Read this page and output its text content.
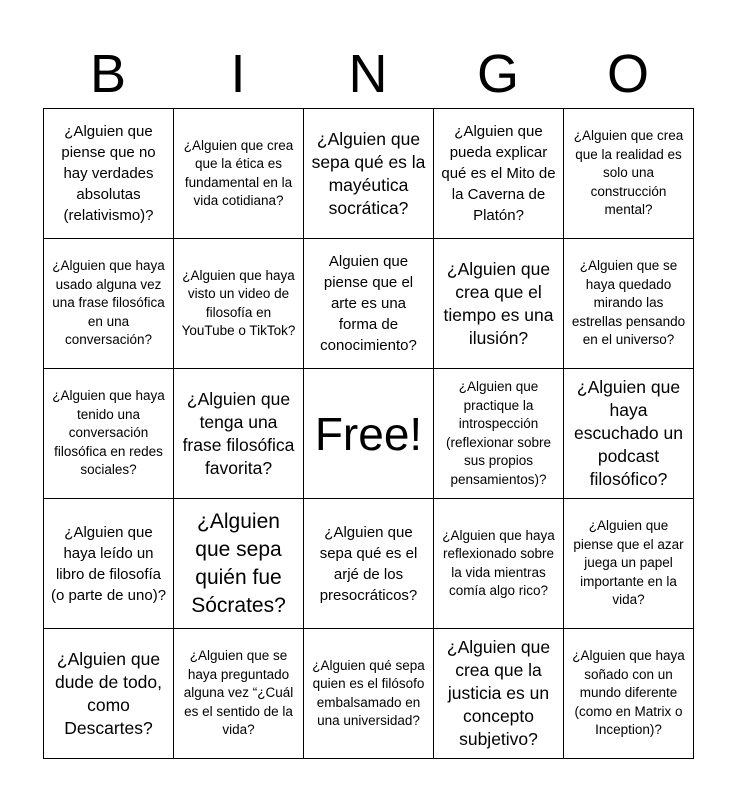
B	I	N	G	O
¿Alguien que piense que no hay verdades absolutas (relativismo)?	¿Alguien que crea que la ética es fundamental en la vida cotidiana?	¿Alguien que sepa qué es la mayéutica socrática?	¿Alguien que pueda explicar qué es el Mito de la Caverna de Platón?	¿Alguien que crea que la realidad es solo una construcción mental?
¿Alguien que haya usado alguna vez una frase filosófica en una conversación?	¿Alguien que haya visto un video de filosofía en YouTube o TikTok?	Alguien que piense que el arte es una forma de conocimiento?	¿Alguien que crea que el tiempo es una ilusión?	¿Alguien que se haya quedado mirando las estrellas pensando en el universo?
¿Alguien que haya tenido una conversación filosófica en redes sociales?	¿Alguien que tenga una frase filosófica favorita?	Free!	¿Alguien que practique la introspección (reflexionar sobre sus propios pensamientos)?	¿Alguien que haya escuchado un podcast filosófico?
¿Alguien que haya leído un libro de filosofía (o parte de uno)?	¿Alguien que sepa quién fue Sócrates?	¿Alguien que sepa qué es el arjé de los presocráticos?	¿Alguien que haya reflexionado sobre la vida mientras comía algo rico?	¿Alguien que piense que el azar juega un papel importante en la vida?
¿Alguien que dude de todo, como Descartes?	¿Alguien que se haya preguntado alguna vez “¿Cuál es el sentido de la vida?	¿Alguien qué sepa quien es el filósofo embalsamado en una universidad?	¿Alguien que crea que la justicia es un concepto subjetivo?	¿Alguien que haya soñado con un mundo diferente (como en Matrix o Inception)?
